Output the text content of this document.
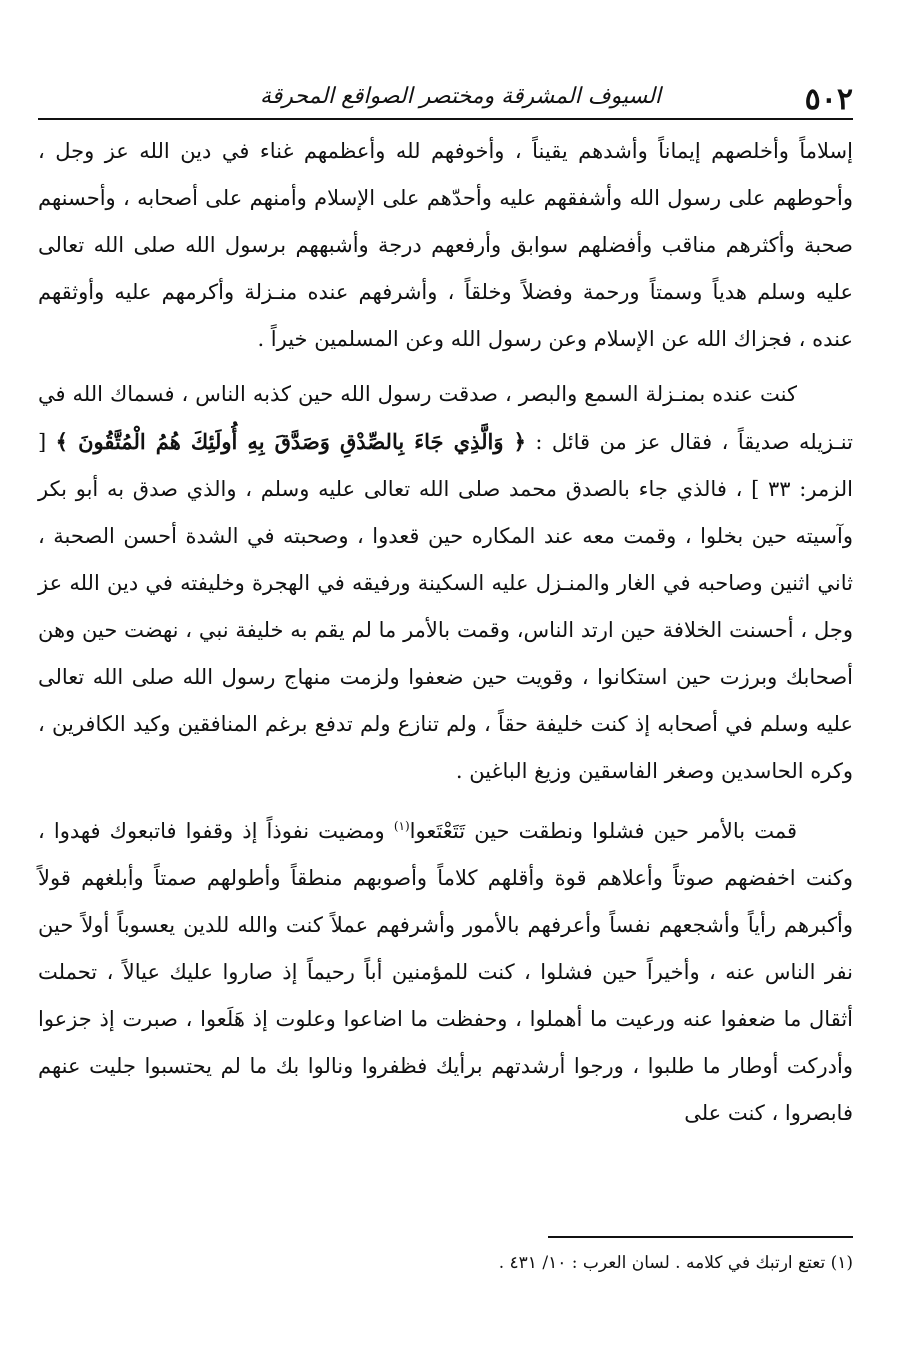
٥٠٢
السيوف المشرقة ومختصر الصواقع المحرقة

إسلاماً وأخلصهم إيماناً وأشدهم يقيناً ، وأخوفهم لله وأعظمهم غناء في دين الله عز وجل ، وأحوطهم على رسول الله وأشفقهم عليه وأحدّهم على الإسلام وأمنهم على أصحابه ، وأحسنهم صحبة وأكثرهم مناقب وأفضلهم سوابق وأرفعهم درجة وأشبههم برسول الله صلى الله تعالى عليه وسلم هدياً وسمتاً ورحمة وفضلاً وخلقاً ، وأشرفهم عنده منـزلة وأكرمهم عليه وأوثقهم عنده ، فجزاك الله عن الإسلام وعن رسول الله وعن المسلمين خيراً .

كنت عنده بمنـزلة السمع والبصر ، صدقت رسول الله حين كذبه الناس ، فسماك الله في تنـزيله صديقاً ، فقال عز من قائل : ﴿ وَالَّذِي جَاءَ بِالصِّدْقِ وَصَدَّقَ بِهِ أُولَئِكَ هُمُ الْمُتَّقُونَ ﴾ [ الزمر: ٣٣ ] ، فالذي جاء بالصدق محمد صلى الله تعالى عليه وسلم ، والذي صدق به أبو بكر وآسيته حين بخلوا ، وقمت معه عند المكاره حين قعدوا ، وصحبته في الشدة أحسن الصحبة ، ثاني اثنين وصاحبه في الغار والمنـزل عليه السكينة ورفيقه في الهجرة وخليفته في دين الله عز وجل ، أحسنت الخلافة حين ارتد الناس، وقمت بالأمر ما لم يقم به خليفة نبي ، نهضت حين وهن أصحابك وبرزت حين استكانوا ، وقويت حين ضعفوا ولزمت منهاج رسول الله صلى الله تعالى عليه وسلم في أصحابه إذ كنت خليفة حقاً ، ولم تنازع ولم تدفع برغم المنافقين وكيد الكافرين ، وكره الحاسدين وصغر الفاسقين وزيغ الباغين .

قمت بالأمر حين فشلوا ونطقت حين تَتَعْتَعوا$^{(١)}$ ومضيت نفوذاً إذ وقفوا فاتبعوك فهدوا ، وكنت اخفضهم صوتاً وأعلاهم قوة وأقلهم كلاماً وأصوبهم منطقاً وأطولهم صمتاً وأبلغهم قولاً وأكبرهم رأياً وأشجعهم نفساً وأعرفهم بالأمور وأشرفهم عملاً كنت والله للدين يعسوباً أولاً حين نفر الناس عنه ، وأخيراً حين فشلوا ، كنت للمؤمنين أباً رحيماً إذ صاروا عليك عيالاً ، تحملت أثقال ما ضعفوا عنه ورعيت ما أهملوا ، وحفظت ما اضاعوا وعلوت إذ هَلَعوا ، صبرت إذ جزعوا وأدركت أوطار ما طلبوا ، ورجوا أرشدتهم برأيك فظفروا ونالوا بك ما لم يحتسبوا جليت عنهم فابصروا ، كنت على

(١) تعتع ارتبك في كلامه . لسان العرب : ١٠/ ٤٣١ .
